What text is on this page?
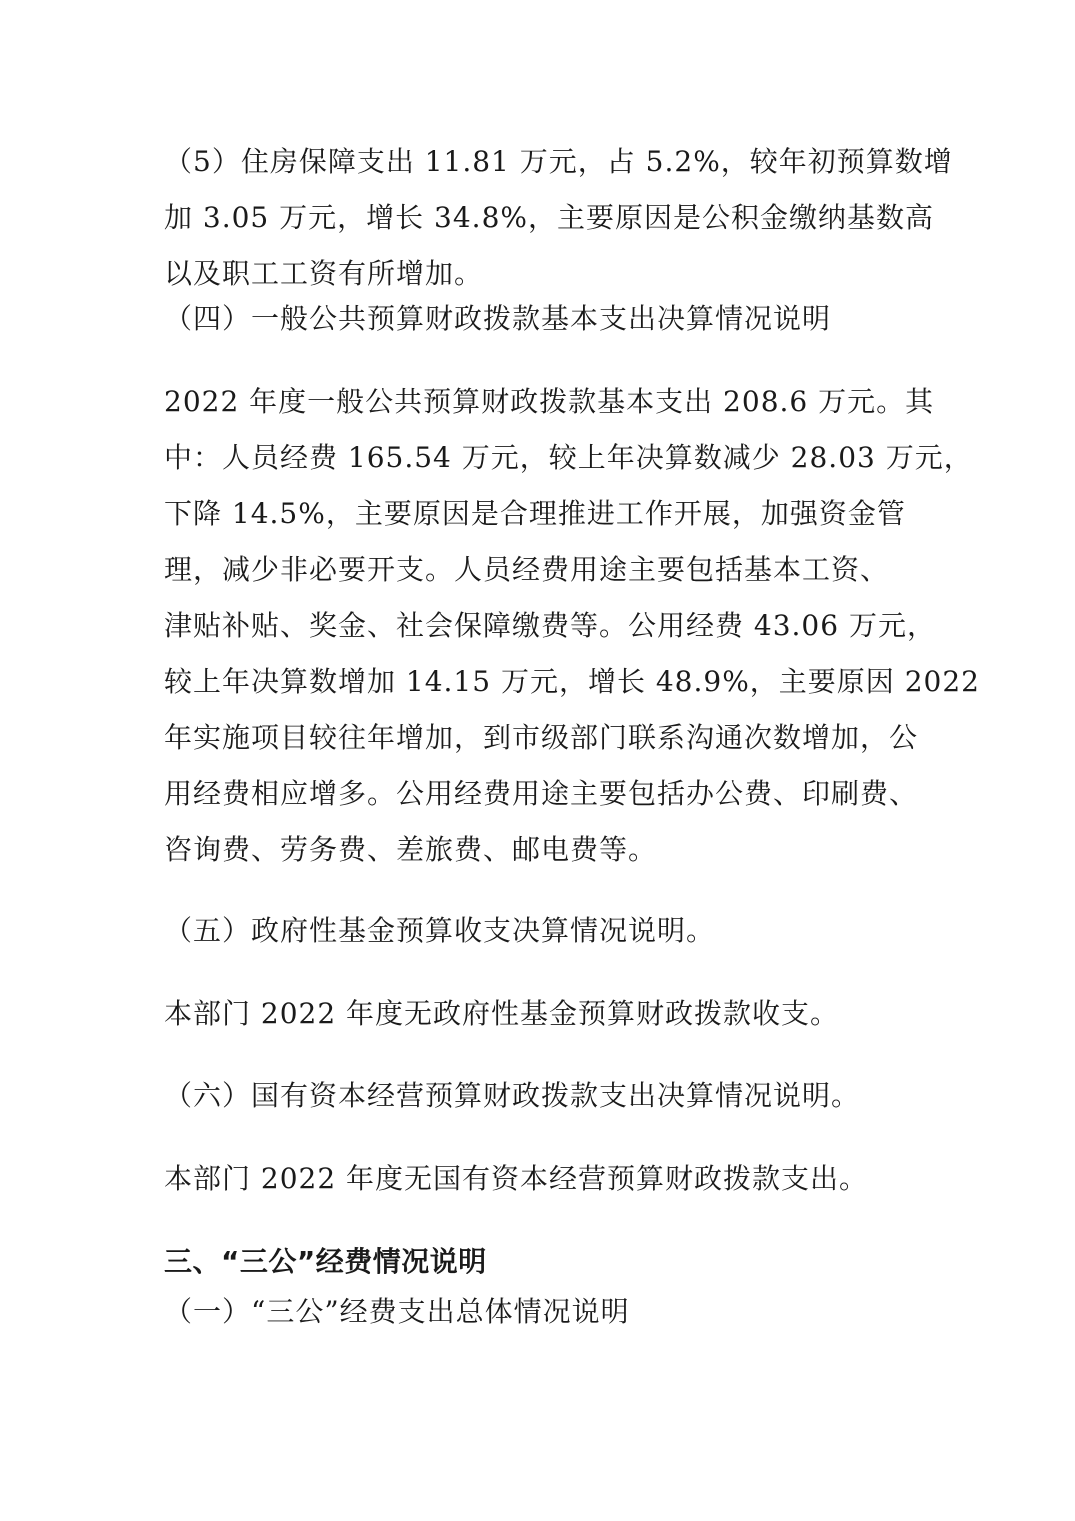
（5）住房保障支出 11.81 万元，占 5.2%，较年初预算数增
加 3.05 万元，增长 34.8%，主要原因是公积金缴纳基数高
以及职工工资有所增加。
（四）一般公共预算财政拨款基本支出决算情况说明
2022 年度一般公共预算财政拨款基本支出 208.6 万元。其
中：人员经费 165.54 万元，较上年决算数减少 28.03 万元，
下降 14.5%，主要原因是合理推进工作开展，加强资金管
理，减少非必要开支。人员经费用途主要包括基本工资、
津贴补贴、奖金、社会保障缴费等。公用经费 43.06 万元，
较上年决算数增加 14.15 万元，增长 48.9%，主要原因 2022
年实施项目较往年增加，到市级部门联系沟通次数增加，公
用经费相应增多。公用经费用途主要包括办公费、印刷费、
咨询费、劳务费、差旅费、邮电费等。
（五）政府性基金预算收支决算情况说明。
本部门 2022 年度无政府性基金预算财政拨款收支。
（六）国有资本经营预算财政拨款支出决算情况说明。
本部门 2022 年度无国有资本经营预算财政拨款支出。
三、“三公”经费情况说明
（一）“三公”经费支出总体情况说明
